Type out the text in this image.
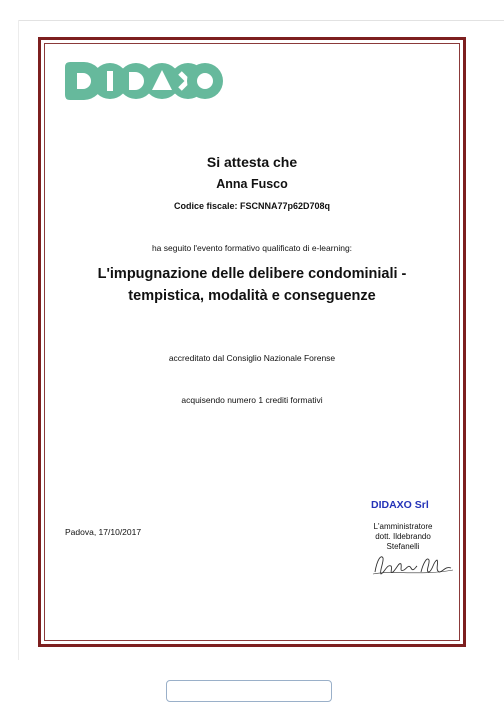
Si attesta che
Anna Fusco
Codice fiscale: FSCNNA77p62D708q
ha seguito l'evento formativo qualificato di e-learning:
L'impugnazione delle delibere condominiali - tempistica, modalità e conseguenze
accreditato dal Consiglio Nazionale Forense
acquisendo numero 1 crediti formativi
Padova, 17/10/2017
DIDAXO Srl
L'amministratore
dott. Ildebrando Stefanelli
